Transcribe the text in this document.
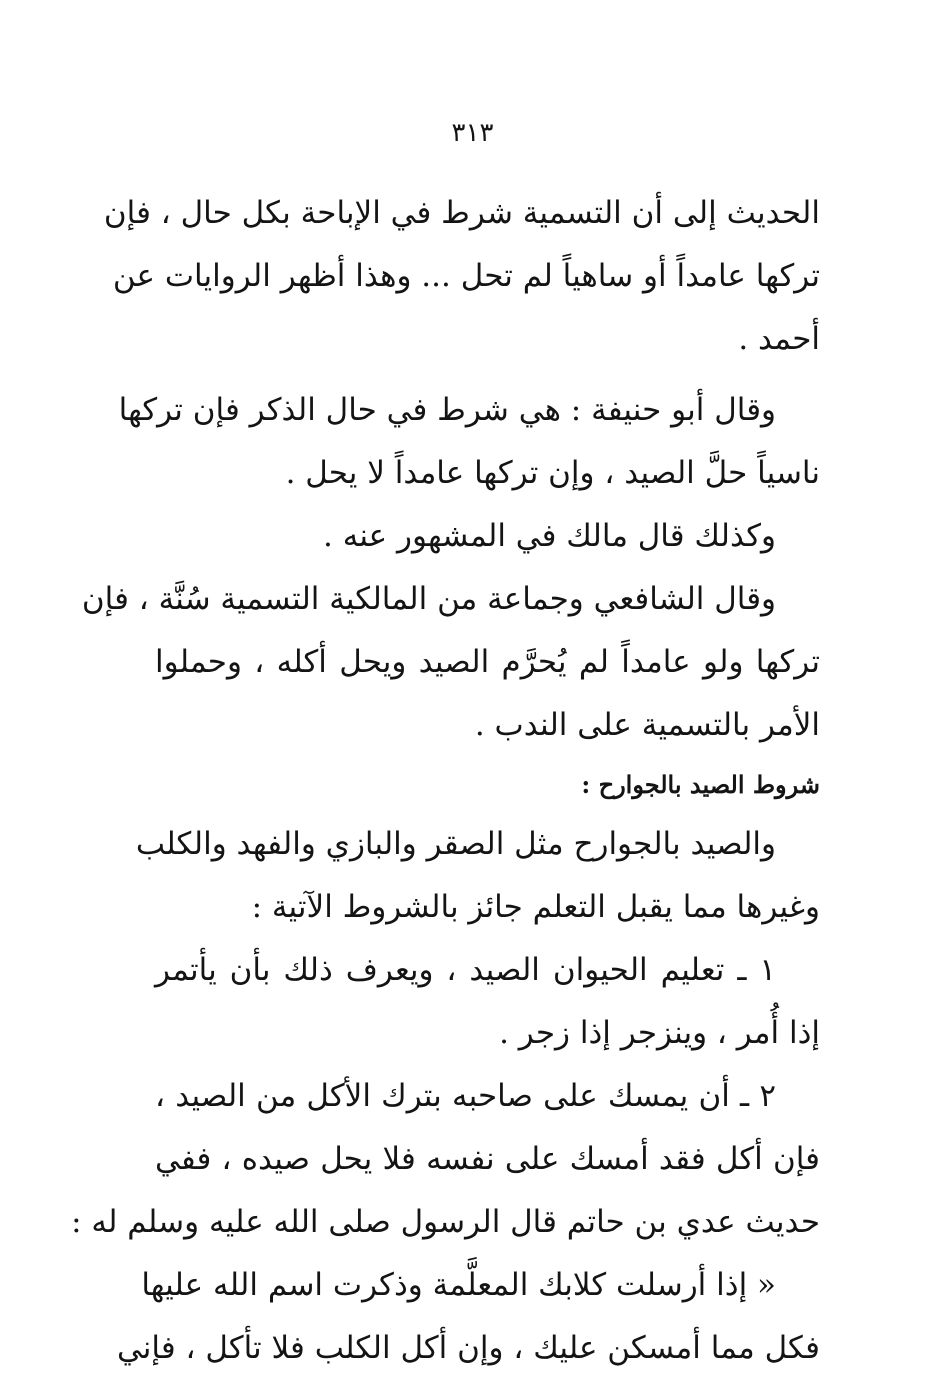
٣١٣
الحديث إلى أن التسمية شرط في الإباحة بكل حال ، فإن
تركها عامداً أو ساهياً لم تحل ... وهذا أظهر الروايات عن
أحمد .
وقال أبو حنيفة : هي شرط في حال الذكر فإن تركها
ناسياً حلَّ الصيد ، وإن تركها عامداً لا يحل .
وكذلك قال مالك في المشهور عنه .
وقال الشافعي وجماعة من المالكية التسمية سُنَّة ، فإن
تركها ولو عامداً لم يُحرَّم الصيد ويحل أكله ، وحملوا
الأمر بالتسمية على الندب .
شروط الصيد بالجوارح :
والصيد بالجوارح مثل الصقر والبازي والفهد والكلب
وغيرها مما يقبل التعلم جائز بالشروط الآتية :
١ ـ تعليم الحيوان الصيد ، ويعرف ذلك بأن يأتمر
إذا أُمر ، وينزجر إذا زجر .
٢ ـ أن يمسك على صاحبه بترك الأكل من الصيد ،
فإن أكل فقد أمسك على نفسه فلا يحل صيده ، ففي
حديث عدي بن حاتم قال الرسول صلى الله عليه وسلم له :
« إذا أرسلت كلابك المعلَّمة وذكرت اسم الله عليها
فكل مما أمسكن عليك ، وإن أكل الكلب فلا تأكل ، فإني
